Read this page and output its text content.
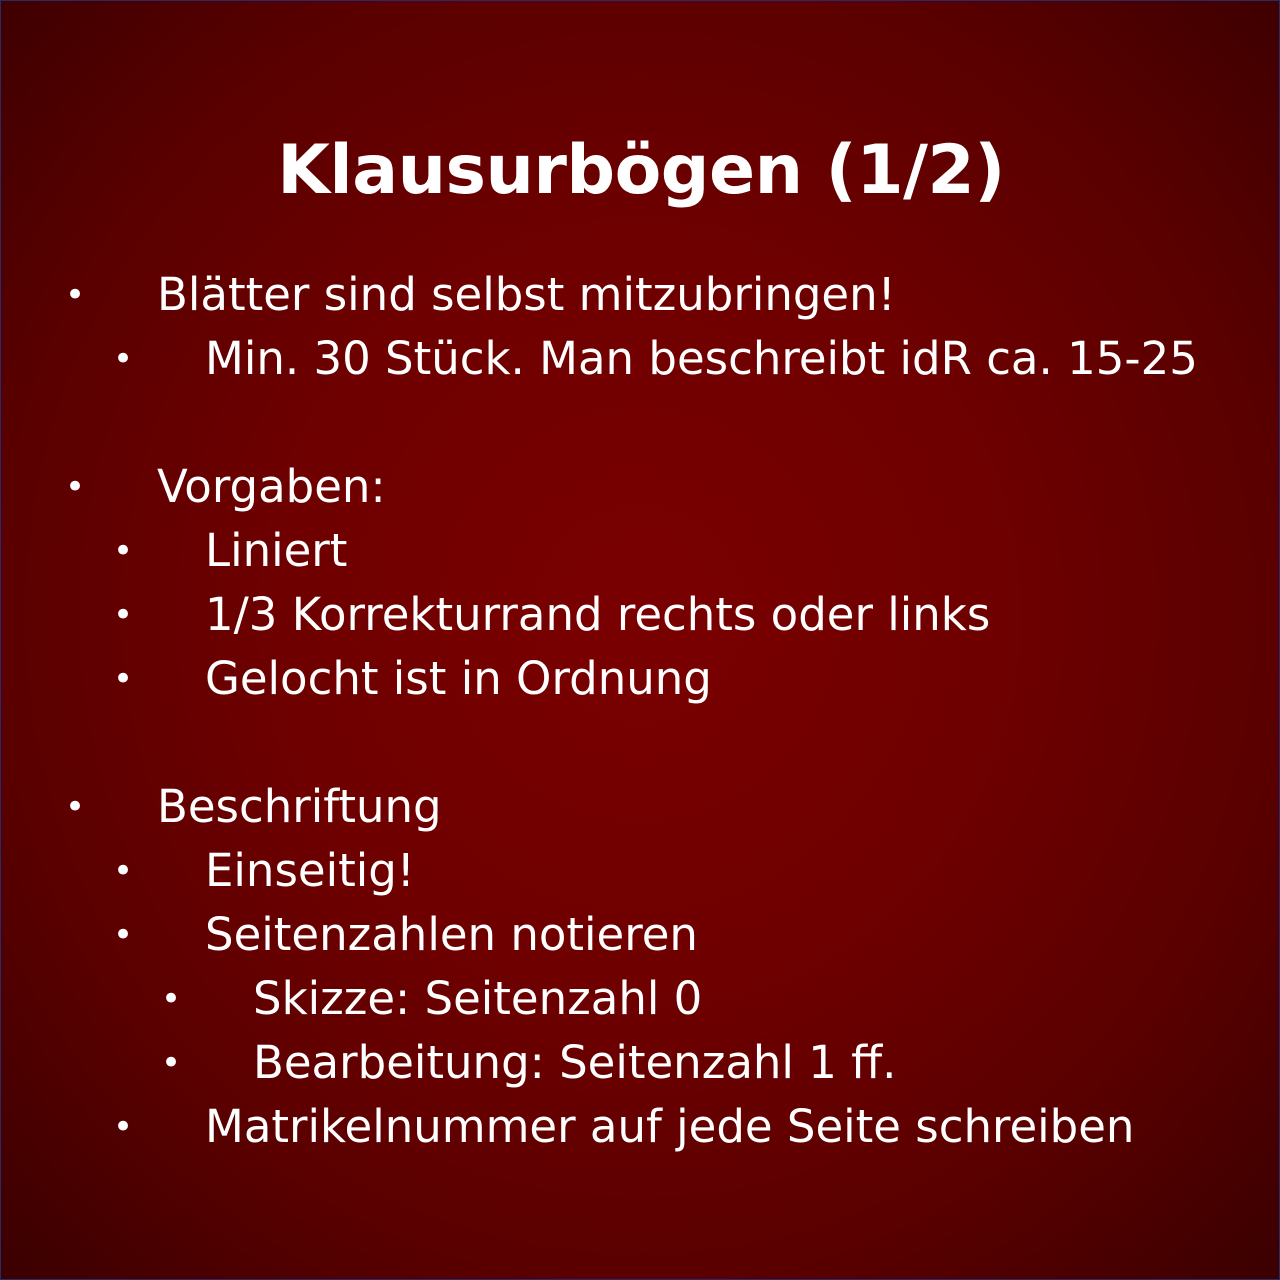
Klausurbögen (1/2)
• Blätter sind selbst mitzubringen!
• Min. 30 Stück. Man beschreibt idR ca. 15-25
• Vorgaben:
• Liniert
• 1/3 Korrekturrand rechts oder links
• Gelocht ist in Ordnung
• Beschriftung
• Einseitig!
• Seitenzahlen notieren
• Skizze: Seitenzahl 0
• Bearbeitung: Seitenzahl 1 ff.
• Matrikelnummer auf jede Seite schreiben
